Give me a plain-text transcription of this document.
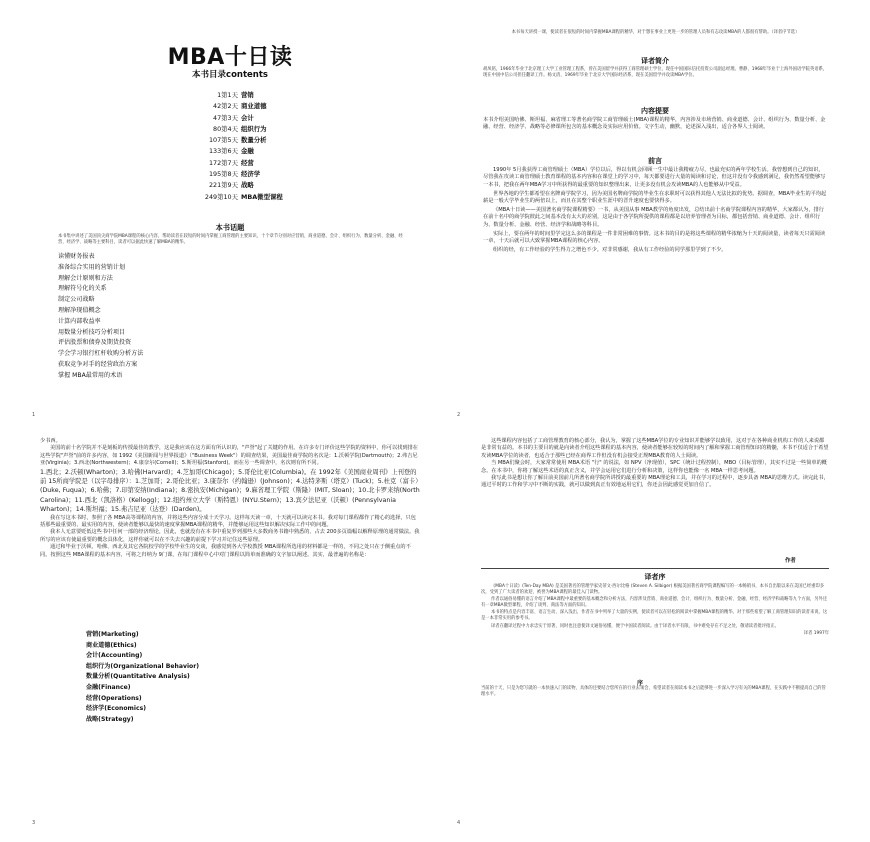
MBA十日读
本书目录contents
1第1天 营销
42第2天 商业道德
47第3天 会计
80第4天 组织行为
107第5天 数量分析
133第6天 金融
172第7天 经营
195第8天 经济学
221第9天 战略
249第10天 MBA微型课程
本书话题
本书集中讲述了美国顶尖商学院MBA课程的核心内容，帮助读者在较短的时间内掌握工商管理的主要知识，十个章节分别对应营销、商业道德、会计、组织行为、数量分析、金融、经营、经济学、战略等主要科目，读者可以据此快速了解MBA的精华。
读懂财务报表
准备综合实用的营销计划
理解会计原则和方法
理解符号化的关系
制定公司战略
理解净现值概念
计算内部收益率
用数量分析技巧分析项目
评估股票和债券及期货投资
学会学习银行杠杆收购分析方法
获取竞争对手的经营政治方案
掌握 MBA最常用的术语
1
本书每天讲授一课，使读者在很短的时间内掌握MBA课程的精华，对于想在事业上更进一步的管理人员和有志攻读MBA的人都很有帮助。（译者序节选）
译者简介
胡凤铭，1966年毕业于北京理工大学工业管理工程系，曾在美国留学并获得工商管理硕士学位，现任中国国际信托投资公司副总经理。曹静，1968年毕业于上海外国语学院英语系，现在中国中信公司担任翻译工作。杨文清，1969年毕业于北京大学国际经济系，现在美国留学并攻读MBA学位。
内容提要
本书介绍美国哈佛、斯坦福、麻省理工等著名商学院工商管理硕士(MBA)课程的精华，内容涉及市场营销、商业道德、会计、组织行为、数量分析、金融、经营、经济学、战略等必修课所包含的基本概念及实际应用价值。文字生动，幽默，论述深入浅出，适合各界人士阅读。
前言

1990年 5月我获得工商管理硕士（MBA）学位以后，得以有机会回顾一生中最让我精疲力尽，也最充实的两年学校生活。我曾想到自己的知识，尽管我在攻读工商管理硕士教育课程的基本内容和在课堂上的学习中，每天都要进行大量的阅读和讨论，但这并没有令我感到满足，我仍然希望能够写一本书，把我在两年MBA学习中所获得的最重要的知识整理出来，让更多没有机会攻读MBA的人也能够从中受益。

世界各地的学生都希望在名牌商学院学习，因为美国名牌商学院的毕业生在求职时可以获得其他人无法比拟的优势。据调查，MBA毕业生的平均起薪是一般大学毕业生的两倍以上，而且在其整个职业生涯中的晋升速度也要快得多。

《MBA十日读——美国著名商学院课程精要》一书，从美国从事 MBA教学的角度出发，总结出前十名商学院课程内容的精华，大家都认为，排行在前十名中的商学院彼此之间基本没有太大的差别，这是由于各学院所提供的课程都是以培养管理者为目标，都包括营销、商业道德、会计、组织行为、数量分析、金融、经营、经济学和战略等科目。

实际上，要在两年的时间里学完这么多的课程是一件非常困难的事情。这本书的目的是将这些课程的精华浓缩为十天的阅读量，读者每天只需阅读一章，十天后就可以大致掌握MBA课程的核心内容。

组织的经，有工作经验的学生得力之增色不少。对非常感谢，我从有工作经验的同学那里学到了不少。

2

少书西。

美国的前十名学院并不是刻板的传授最佳的教学，这是我应该在这方面有所认识的，"声誉"起了关键的作用。在许多专门评价这些学院的资料中，你可以找到排在这些学院"声誉"前的许多内容，如 1992《美国新闻与世界报道》（"Business Week"）的调查结果，美国最佳商学院的名次是：1.沃顿学院(Dartmouth)；2.弗吉尼亚(Virginia)；3.西北(Northwestern)；4.康奈尔(Cornell)；5.斯坦福(Stanford)。而在另一些调查中，名次则有所不同。

1.西北；2.沃顿(Wharton)；3.哈佛(Harvard)；4.芝加哥(Chicago)；5.哥伦比亚(Columbia)。在 1992年《美国商业周刊》上刊登的前 15所商学院是（以字母排序）：1.芝加哥；2.哥伦比亚；3.康奈尔（约翰逊）(Johnson)；4.达特茅斯（塔克）(Tuck)；5.杜克（富卡）(Duke, Fuqua)；6.哈佛；7.印第安纳(Indiana)；8.密执安(Michigan)；9.麻省理工学院（斯隆）(MIT, Sloan)；10.北卡罗来纳(North Carolina)；11.西北（凯洛格）(Kellogg)；12.纽约州立大学（斯特恩）(NYU.Stern)；13.宾夕法尼亚（沃顿）(Pennsylvania Wharton)；14.斯坦福；15.弗吉尼亚（达登）(Darden)。

我在写这本书时，参照了各 MBA高等课程的内容，并将这些内容分成十天学习。这样每天读一章，十天就可以读完本书。我对每门课程都作了精心的选择，只包括那些最重要的、最实用的内容，使读者能够以最快的速度掌握MBA课程的精华，并能够运用这些知识解决实际工作中的问题。

我本人无意要贬低这些书中任何一部的经济理论，因此，也就没有在本书中重复罗列那些大多数商务书籍中熟悉的、占去 200多页篇幅以解释原理的通常做法。我所写的应该有使最重要的概念具体化，这样你就可以在不失去兴趣的前提下学习并记住这些原理。

通过和毕业于沃顿、哈佛、西北及其它各院校学的学校毕业生的交谈，我感觉到各大学校教授 MBA课程所选用的材料都是一样的，不同之处只在于侧重点的不同。按照这些 MBA课程的基本内容，可将之归纳为 9门课，在每门课程中心中对门课程以简单而准确的文字加以阐述。其实，最普遍的名称是：

营销(Marketing)
商业道德(Ethics)
会计(Accounting)
组织行为(Organizational Behavior)
数量分析(Quantitative Analysis)
金融(Finance)
经营(Operations)
经济学(Economics)
战略(Strategy)
3

这些课程内容包括了工商管理教育的核心部分，我认为，掌握了这些MBA学位的专业知识并能够学以致用，这对于在各种商业机构工作的人来说都是非常有益的。本书的主要目的就是向读者介绍这些课程的基本内容，使读者能够在较短的时间内了解和掌握工商管理知识的精髓，本书不仅适合于希望攻读MBA学位的读者，也适合于那些已经在商界工作但没有机会接受正规MBA教育的人士阅读。

当 MBA们聚会时，大家常常使用 MBA术语 "行" 的说法，如 NPV（净现值），SPC（统计过程控制），MBO（目标管理），其实不过是一些简单的概念。在本书中，你将了解这些术语的真正含义，并学会运用它们进行分析和决策，这样你也能像一名 MBA一样思考问题。

我写此书是想让你了解目前美国前几所著名商学院所讲授的最重要的 MBA理论和工具，并在学习的过程中，逐步具备 MBA的思维方式。读完此书，通过平时的工作和学习中不断的实践，就可以做到真正有效地运用它们，你还会因此感觉更加自信了。

作者
译者序

《MBA十日读》(Ten-Day MBA) 是美国著名的管理学家史蒂文·西尔比格 (Steven A. Silbiger) 根据美国著名商学院课程编写的一本畅销书，本书自出版以来在美国已经重印多次，受到了广大读者的欢迎，被誉为MBA课程的最佳入门读物。

作者以通俗易懂的语言介绍了MBA课程中最重要的基本概念和分析方法，内容涉及营销、商业道德、会计、组织行为、数量分析、金融、经营、经济学和战略等九个方面，另外还有一章MBA微型课程，介绍了谈判、商法等方面的知识。

本书的特点是内容丰富、语言生动、深入浅出，作者在书中列举了大量的实例，使读者可以在轻松的阅读中掌握MBA课程的精华。对于那些希望了解工商管理知识的读者来说，这是一本非常实用的参考书。

译者在翻译过程中力求忠实于原著，同时也注意使译文通俗易懂，便于中国读者阅读。由于译者水平有限，书中难免存在不足之处，敬请读者批评指正。

译者 1997年

序
当前的十天，只是为您写就的一本快速入门的读物，具体的还要结合您所在的行业去领会，希望读者在阅读本书之后能够进一步深入学习有关的MBA课程，在实践中不断提高自己的管理水平。
4
